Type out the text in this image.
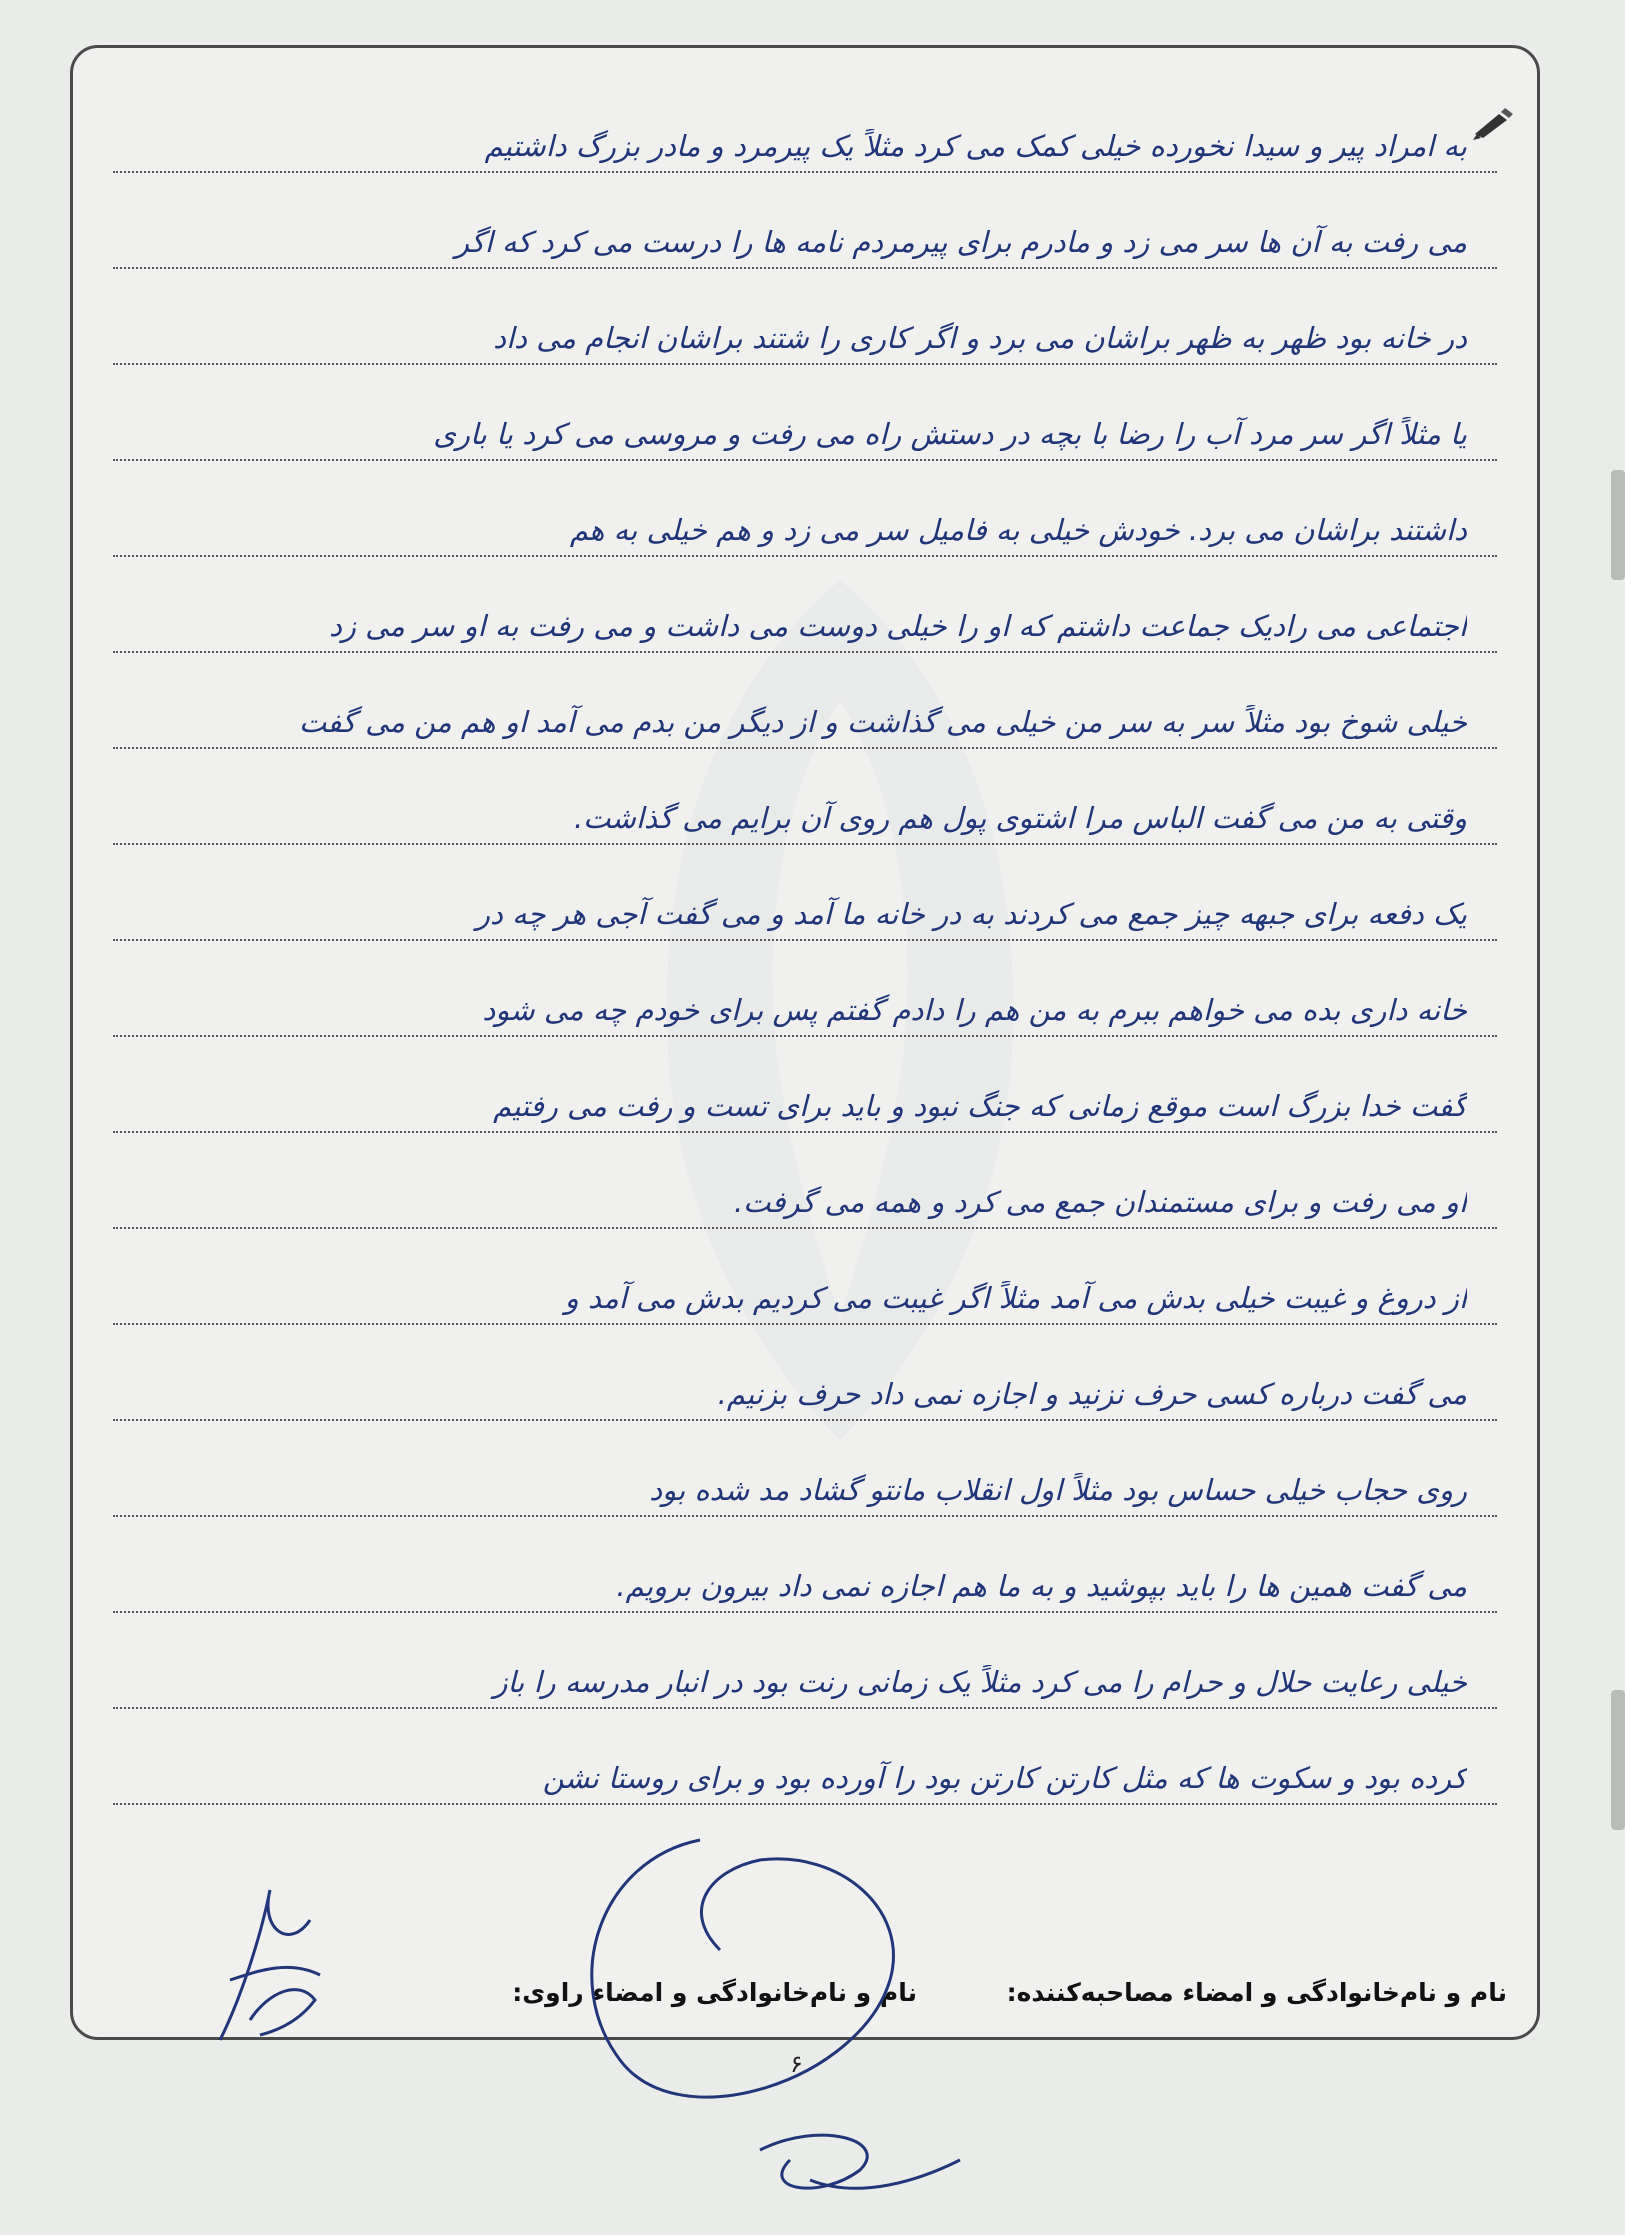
به امراد پیر و سیدا نخورده خیلی کمک می کرد مثلاً یک پیرمرد و مادر بزرگ داشتیم
می رفت به آن ها سر می زد و مادرم برای پیرمردم نامه ها را درست می کرد که اگر
در خانه بود ظهر به ظهر براشان می برد و اگر کاری را شتند براشان انجام می داد
یا مثلاً اگر سر مرد آب را رضا با بچه در دستش راه می رفت و مروسی می کرد یا باری
داشتند براشان می برد. خودش خیلی به فامیل سر می زد و هم خیلی به هم
اجتماعی می رادیک جماعت داشتم که او را خیلی دوست می داشت و می رفت به او سر می زد
خیلی شوخ بود مثلاً سر به سر من خیلی می گذاشت و از دیگر من بدم می آمد او هم من می گفت
وقتی به من می گفت الباس مرا اشتوی پول هم روی آن برایم می گذاشت.
یک دفعه برای جبهه چیز جمع می کردند به در خانه ما آمد و می گفت آجی هر چه در
خانه داری بده می خواهم ببرم به من هم را دادم گفتم پس برای خودم چه می شود
گفت خدا بزرگ است موقع زمانی که جنگ نبود و باید برای تست و رفت می رفتیم
او می رفت و برای مستمندان جمع می کرد و همه می گرفت.
از دروغ و غیبت خیلی بدش می آمد مثلاً اگر غیبت می کردیم بدش می آمد و
می گفت درباره کسی حرف نزنید و اجازه نمی داد حرف بزنیم.
روی حجاب خیلی حساس بود مثلاً اول انقلاب مانتو گشاد مد شده بود
می گفت همین ها را باید بپوشید و به ما هم اجازه نمی داد بیرون برویم.
خیلی رعایت حلال و حرام را می کرد مثلاً یک زمانی رنت بود در انبار مدرسه را باز
کرده بود و سکوت ها که مثل کارتن کارتن بود را آورده بود و برای روستا نشن
نام و نام‌خانوادگی و امضاء مصاحبه‌کننده:
نام و نام‌خانوادگی و امضاء راوی:
۶
